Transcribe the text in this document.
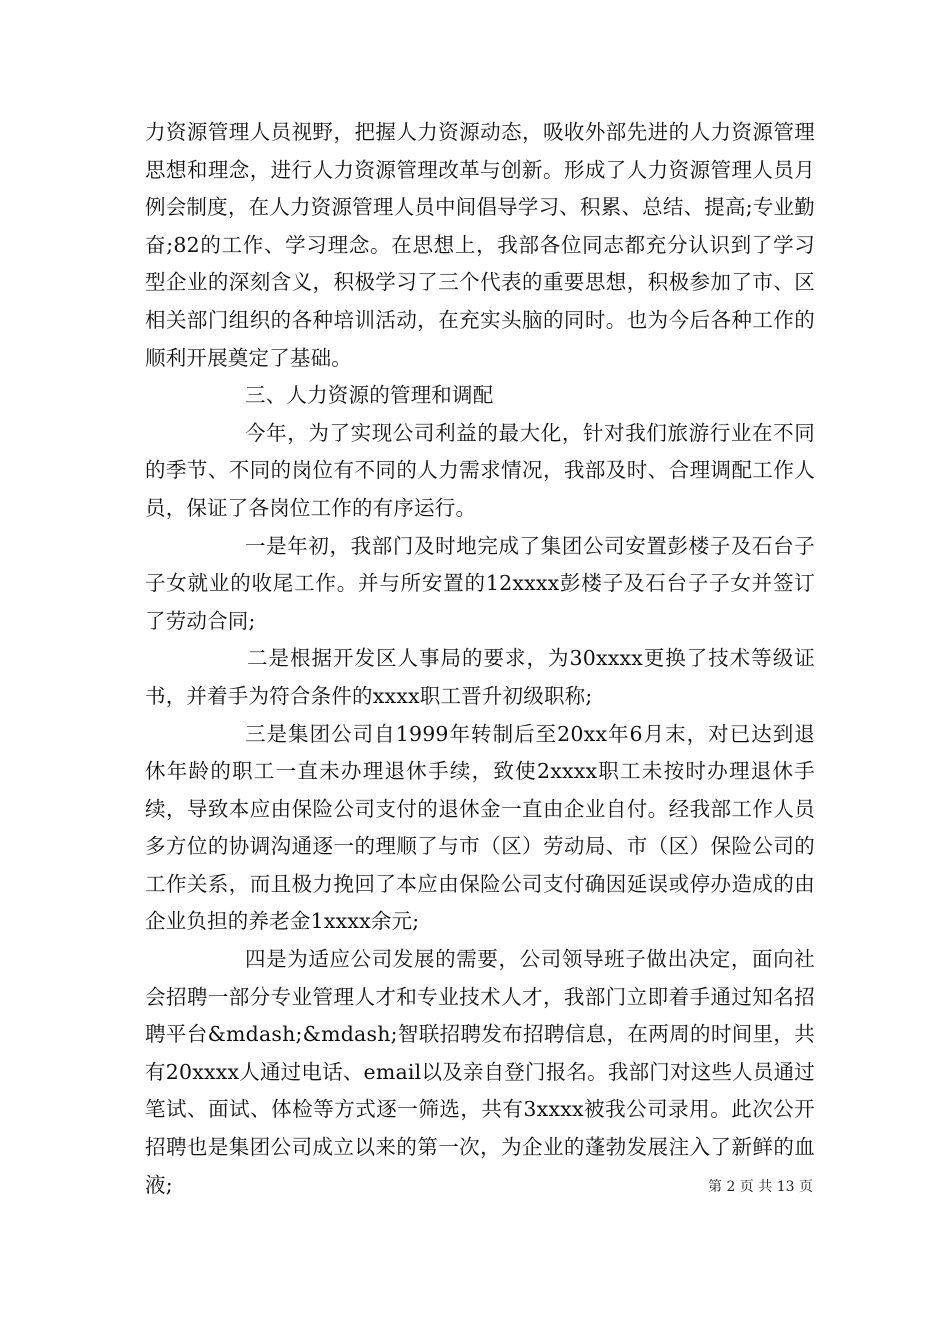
力资源管理人员视野，把握人力资源动态，吸收外部先进的人力资源管理思想和理念，进行人力资源管理改革与创新。形成了人力资源管理人员月例会制度，在人力资源管理人员中间倡导学习、积累、总结、提高;专业勤奋;82的工作、学习理念。在思想上，我部各位同志都充分认识到了学习型企业的深刻含义，积极学习了三个代表的重要思想，积极参加了市、区相关部门组织的各种培训活动，在充实头脑的同时。也为今后各种工作的顺利开展奠定了基础。

三、人力资源的管理和调配

今年，为了实现公司利益的最大化，针对我们旅游行业在不同的季节、不同的岗位有不同的人力需求情况，我部及时、合理调配工作人员，保证了各岗位工作的有序运行。

一是年初，我部门及时地完成了集团公司安置彭楼子及石台子子女就业的收尾工作。并与所安置的12xxxx彭楼子及石台子子女并签订了劳动合同;

二是根据开发区人事局的要求，为30xxxx更换了技术等级证书，并着手为符合条件的xxxx职工晋升初级职称;

三是集团公司自1999年转制后至20xx年6月末，对已达到退休年龄的职工一直未办理退休手续，致使2xxxx职工未按时办理退休手续，导致本应由保险公司支付的退休金一直由企业自付。经我部工作人员多方位的协调沟通逐一的理顺了与市（区）劳动局、市（区）保险公司的工作关系，而且极力挽回了本应由保险公司支付确因延误或停办造成的由企业负担的养老金1xxxx余元;

四是为适应公司发展的需要，公司领导班子做出决定，面向社会招聘一部分专业管理人才和专业技术人才，我部门立即着手通过知名招聘平台&mdash;&mdash;智联招聘发布招聘信息，在两周的时间里，共有20xxxx人通过电话、email以及亲自登门报名。我部门对这些人员通过笔试、面试、体检等方式逐一筛选，共有3xxxx被我公司录用。此次公开招聘也是集团公司成立以来的第一次，为企业的蓬勃发展注入了新鲜的血液;	第 2 页 共 13 页
